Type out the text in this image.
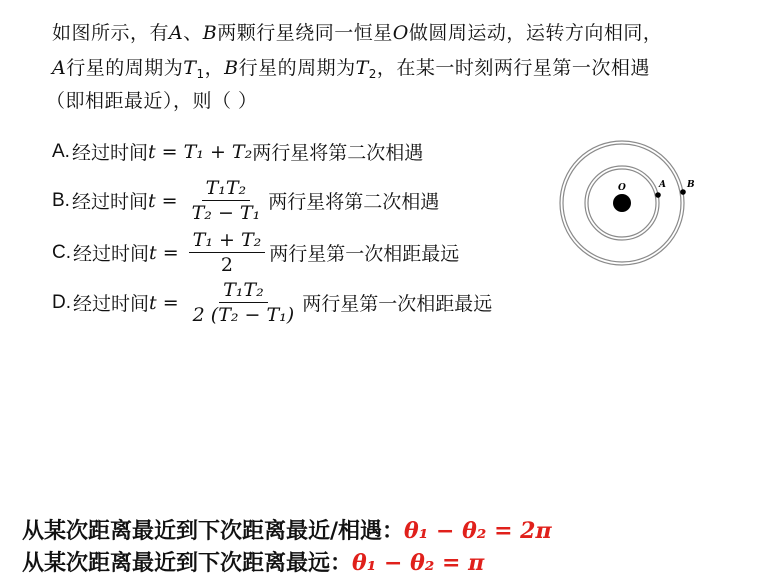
如图所示，有A、B两颗行星绕同一恒星O做圆周运动，运转方向相同，
A行星的周期为$T_1$，B行星的周期为$T_2$，在某一时刻两行星第一次相遇
（即相距最近），则（ ）
A. 经过时间 t = T₁ + T₂ 两行星将第二次相遇
B. 经过时间 $t = \frac{\text{T₁T₂}}{\text{T₂ − T₁}}$ 两行星将第二次相遇
C. 经过时间 $t = \frac{\text{T₁ + T₂}}{2}$ 两行星第一次相距最远
D. 经过时间 $t = \frac{\text{T₁T₂}}{\text{2 (T₂ − T₁)}}$ 两行星第一次相距最远
O	A B
从某次距离最近到下次距离最近/相遇：θ₁ − θ₂ = 2π
从某次距离最近到下次距离最远：θ₁ − θ₂ = π
